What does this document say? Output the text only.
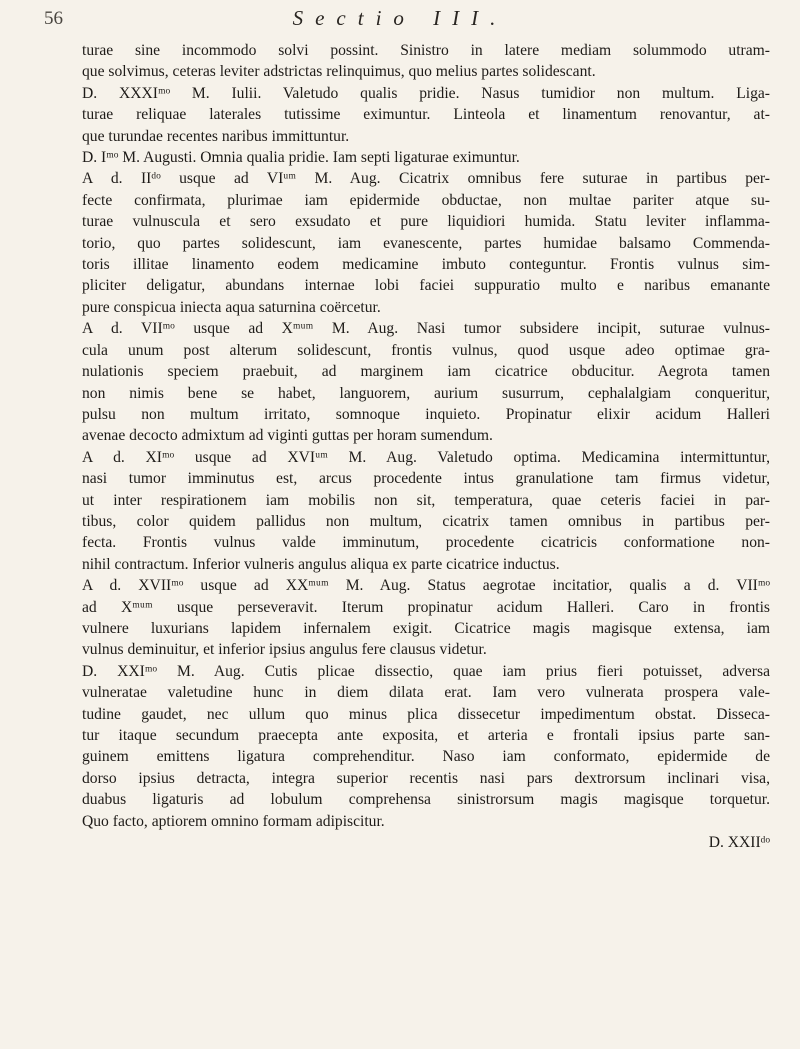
56	Sectio III.
turae sine incommodo solvi possint. Sinistro in latere mediam solummodo utram-
que solvimus, ceteras leviter adstrictas relinquimus, quo melius partes solidescant.
D. XXXIᵐᵒ M. Iulii. Valetudo qualis pridie. Nasus tumidior non multum. Liga-
turae reliquae laterales tutissime eximuntur. Linteola et linamentum renovantur, at-
que turundae recentes naribus immittuntur.
D. Iᵐᵒ M. Augusti. Omnia qualia pridie. Iam septi ligaturae eximuntur.
A d. IIᵈᵒ usque ad VIᵘᵐ M. Aug. Cicatrix omnibus fere suturae in partibus per-
fecte confirmata, plurimae iam epidermide obductae, non multae pariter atque su-
turae vulnuscula et sero exsudato et pure liquidiori humida. Statu leviter inflamma-
torio, quo partes solidescunt, iam evanescente, partes humidae balsamo Commenda-
toris illitae linamento eodem medicamine imbuto conteguntur. Frontis vulnus sim-
pliciter deligatur, abundans internae lobi faciei suppuratio multo e naribus emanante
pure conspicua iniecta aqua saturnina coërcetur.
A d. VIIᵐᵒ usque ad Xᵐᵘᵐ M. Aug. Nasi tumor subsidere incipit, suturae vulnus-
cula unum post alterum solidescunt, frontis vulnus, quod usque adeo optimae gra-
nulationis speciem praebuit, ad marginem iam cicatrice obducitur. Aegrota tamen
non nimis bene se habet, languorem, aurium susurrum, cephalalgiam conqueritur,
pulsu non multum irritato, somnoque inquieto. Propinatur elixir acidum Halleri
avenae decocto admixtum ad viginti guttas per horam sumendum.
A d. XIᵐᵒ usque ad XVIᵘᵐ M. Aug. Valetudo optima. Medicamina intermittuntur,
nasi tumor imminutus est, arcus procedente intus granulatione tam firmus videtur,
ut inter respirationem iam mobilis non sit, temperatura, quae ceteris faciei in par-
tibus, color quidem pallidus non multum, cicatrix tamen omnibus in partibus per-
fecta. Frontis vulnus valde imminutum, procedente cicatricis conformatione non-
nihil contractum. Inferior vulneris angulus aliqua ex parte cicatrice inductus.
A d. XVIIᵐᵒ usque ad XXᵐᵘᵐ M. Aug. Status aegrotae incitatior, qualis a d. VIIᵐᵒ
ad Xᵐᵘᵐ usque perseveravit. Iterum propinatur acidum Halleri. Caro in frontis
vulnere luxurians lapidem infernalem exigit. Cicatrice magis magisque extensa, iam
vulnus deminuitur, et inferior ipsius angulus fere clausus videtur.
D. XXIᵐᵒ M. Aug. Cutis plicae dissectio, quae iam prius fieri potuisset, adversa
vulneratae valetudine hunc in diem dilata erat. Iam vero vulnerata prospera vale-
tudine gaudet, nec ullum quo minus plica dissecetur impedimentum obstat. Disseca-
tur itaque secundum praecepta ante exposita, et arteria e frontali ipsius parte san-
guinem emittens ligatura comprehenditur. Naso iam conformato, epidermide de
dorso ipsius detracta, integra superior recentis nasi pars dextrorsum inclinari visa,
duabus ligaturis ad lobulum comprehensa sinistrorsum magis magisque torquetur.
Quo facto, aptiorem omnino formam adipiscitur.
D. XXIIᵈᵒ
